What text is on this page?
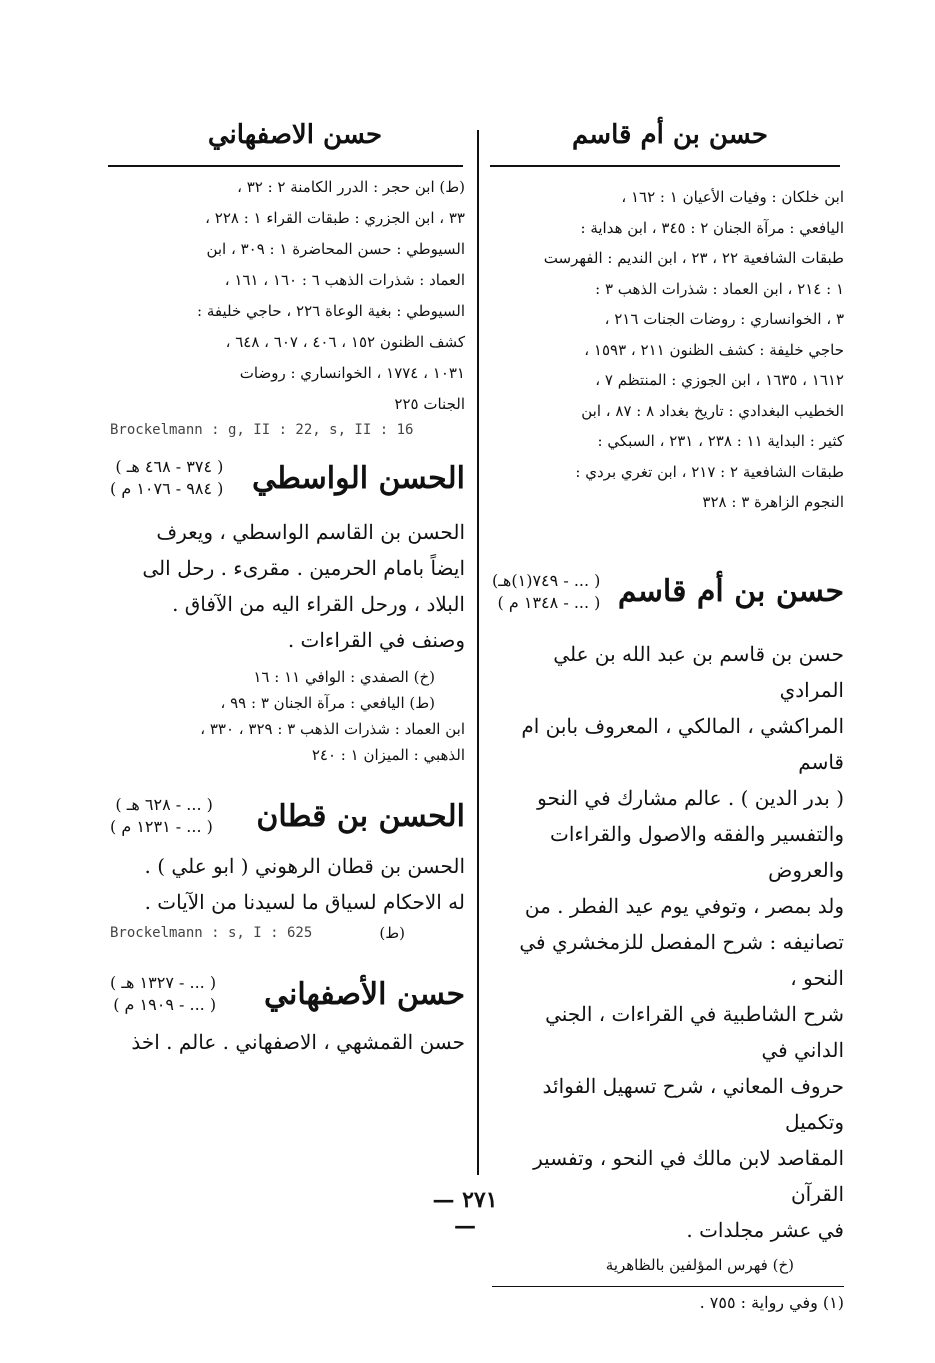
حسن بن أم قاسم
حسن الاصفهاني

ابن خلكان : وفيات الأعيان ١ : ١٦٢ ،

اليافعي : مرآة الجنان ٢ : ٣٤٥ ، ابن هداية :

طبقات الشافعية ٢٢ ، ٢٣ ، ابن النديم : الفهرست

١ : ٢١٤ ، ابن العماد : شذرات الذهب ٣ :

٣ ، الخوانساري : روضات الجنات ٢١٦ ،

حاجي خليفة : كشف الظنون ٢١١ ، ١٥٩٣ ،

١٦١٢ ، ١٦٣٥ ، ابن الجوزي : المنتظم ٧ ،

الخطيب البغدادي : تاريخ بغداد ٨ : ٨٧ ، ابن

كثير : البداية ١١ : ٢٣٨ ، ٢٣١ ، السبكي :

طبقات الشافعية ٢ : ٢١٧ ، ابن تغري بردي :

النجوم الزاهرة ٣ : ٣٢٨

حسن بن أم قاسم
( ... - ٧٤٩(١)هـ)
( ... - ١٣٤٨ م )

حسن بن قاسم بن عبد الله بن علي المرادي

المراكشي ، المالكي ، المعروف بابن ام قاسم

( بدر الدين ) . عالم مشارك في النحو

والتفسير والفقه والاصول والقراءات والعروض

ولد بمصر ، وتوفي يوم عيد الفطر . من

تصانيفه : شرح المفصل للزمخشري في النحو ،

شرح الشاطبية في القراءات ، الجني الداني في

حروف المعاني ، شرح تسهيل الفوائد وتكميل

المقاصد لابن مالك في النحو ، وتفسير القرآن

في عشر مجلدات .

(خ) فهرس المؤلفين بالظاهرية

(١) وفي رواية : ٧٥٥ .

(ط) ابن حجر : الدرر الكامنة ٢ : ٣٢ ،

٣٣ ، ابن الجزري : طبقات القراء ١ : ٢٢٨ ،

السيوطي : حسن المحاضرة ١ : ٣٠٩ ، ابن

العماد : شذرات الذهب ٦ : ١٦٠ ، ١٦١ ،

السيوطي : بغية الوعاة ٢٢٦ ، حاجي خليفة :

كشف الظنون ١٥٢ ، ٤٠٦ ، ٦٠٧ ، ٦٤٨ ،

١٠٣١ ، ١٧٧٤ ، الخوانساري : روضات

الجنات ٢٢٥

Brockelmann : g, II : 22, s, II : 16

الحسن الواسطي
( ٣٧٤ - ٤٦٨ هـ )
( ٩٨٤ - ١٠٧٦ م )

الحسن بن القاسم الواسطي ، ويعرف

ايضاً بامام الحرمين . مقرىء . رحل الى

البلاد ، ورحل القراء اليه من الآفاق .

وصنف في القراءات .

(خ) الصفدي : الوافي ١١ : ١٦

(ط) اليافعي : مرآة الجنان ٣ : ٩٩ ،

ابن العماد : شذرات الذهب ٣ : ٣٢٩ ، ٣٣٠ ،

الذهبي : الميزان ١ : ٢٤٠

الحسن بن قطان
( ... - ٦٢٨ هـ )
( ... - ١٢٣١ م )

الحسن بن قطان الرهوني ( ابو علي ) .

له الاحكام لسياق ما لسيدنا من الآيات .

Brockelmann : s, I : 625	(ط)
حسن الأصفهاني
( ... - ١٣٢٧ هـ )
( ... - ١٩٠٩ م )

حسن القمشهي ، الاصفهاني . عالم . اخذ

— ٢٧١ —
